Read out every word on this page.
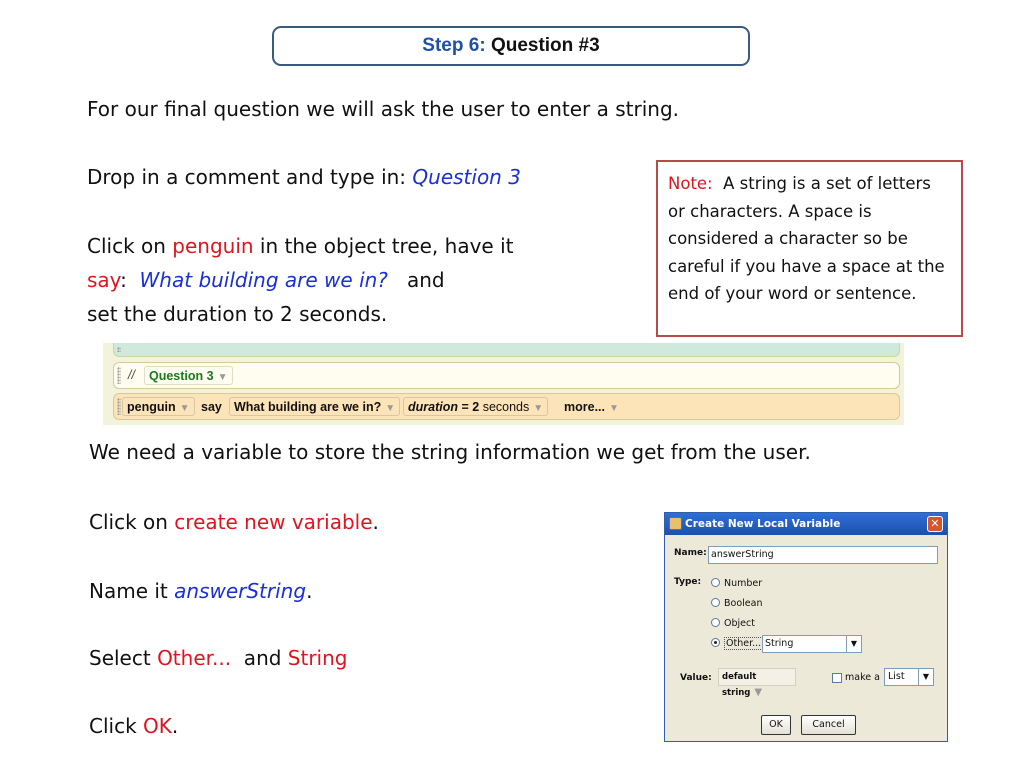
Step 6: Question #3
For our final question we will ask the user to enter a string.
Drop in a comment and type in: Question 3
Click on penguin in the object tree, have it
say: What building are we in? and
set the duration to 2 seconds.
Note: A string is a set of letters or characters. A space is considered a character so be careful if you have a space at the end of your word or sentence.
//	Question 3 ▼
penguin ▼ say What building are we in? ▼	duration = 2 seconds ▼	more... ▼
We need a variable to store the string information we get from the user.
Click on create new variable.
Name it answerString.
Select Other...  and String
Click OK.
Create New Local Variable	✕
Name: answerString
Type:	Number
Boolean
Object
Other... String	▼
Value:	default string ▼
make a List	▼
OK	Cancel
